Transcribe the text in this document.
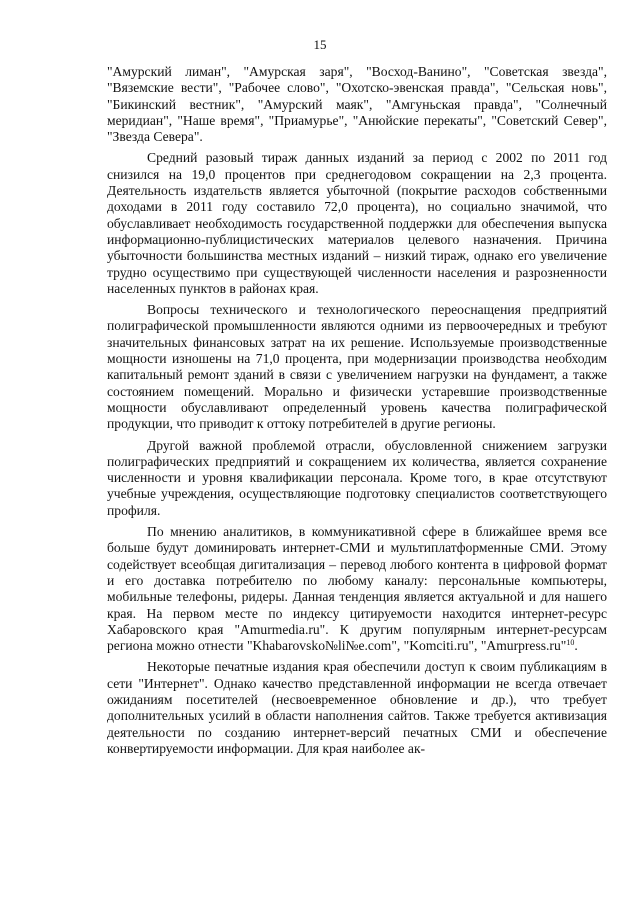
15

"Амурский лиман", "Амурская заря", "Восход-Ванино", "Советская звезда", "Вяземские вести", "Рабочее слово", "Охотско-эвенская правда", "Сельская новь", "Бикинский вестник", "Амурский маяк", "Амгуньская правда", "Солнечный меридиан", "Наше время", "Приамурье", "Анюйские перекаты", "Советский Север", "Звезда Севера".

Средний разовый тираж данных изданий за период с 2002 по 2011 год снизился на 19,0 процентов при среднегодовом сокращении на 2,3 процента. Деятельность издательств является убыточной (покрытие расходов собственными доходами в 2011 году составило 72,0 процента), но социально значимой, что обуславливает необходимость государственной поддержки для обеспечения выпуска информационно-публицистических материалов целевого назначения. Причина убыточности большинства местных изданий – низкий тираж, однако его увеличение трудно осуществимо при существующей численности населения и разрозненности населенных пунктов в районах края.

Вопросы технического и технологического переоснащения предприятий полиграфической промышленности являются одними из первоочередных и требуют значительных финансовых затрат на их решение. Используемые производственные мощности изношены на 71,0 процента, при модернизации производства необходим капитальный ремонт зданий в связи с увеличением нагрузки на фундамент, а также состоянием помещений. Морально и физически устаревшие производственные мощности обуславливают определенный уровень качества полиграфической продукции, что приводит к оттоку потребителей в другие регионы.

Другой важной проблемой отрасли, обусловленной снижением загрузки полиграфических предприятий и сокращением их количества, является сохранение численности и уровня квалификации персонала. Кроме того, в крае отсутствуют учебные учреждения, осуществляющие подготовку специалистов соответствующего профиля.

По мнению аналитиков, в коммуникативной сфере в ближайшее время все больше будут доминировать интернет-СМИ и мультиплатформенные СМИ. Этому содействует всеобщая дигитализация – перевод любого контента в цифровой формат и его доставка потребителю по любому каналу: персональные компьютеры, мобильные телефоны, ридеры. Данная тенденция является актуальной и для нашего края. На первом месте по индексу цитируемости находится интернет-ресурс Хабаровского края "Amurmedia.ru". К другим популярным интернет-ресурсам региона можно отнести "Khabarovsko№li№e.com", "Komciti.ru", "Amurpress.ru"$^{10}$.

Некоторые печатные издания края обеспечили доступ к своим публикациям в сети "Интернет". Однако качество представленной информации не всегда отвечает ожиданиям посетителей (несвоевременное обновление и др.), что требует дополнительных усилий в области наполнения сайтов. Также требуется активизация деятельности по созданию интернет-версий печатных СМИ и обеспечение конвертируемости информации. Для края наиболее ак-
